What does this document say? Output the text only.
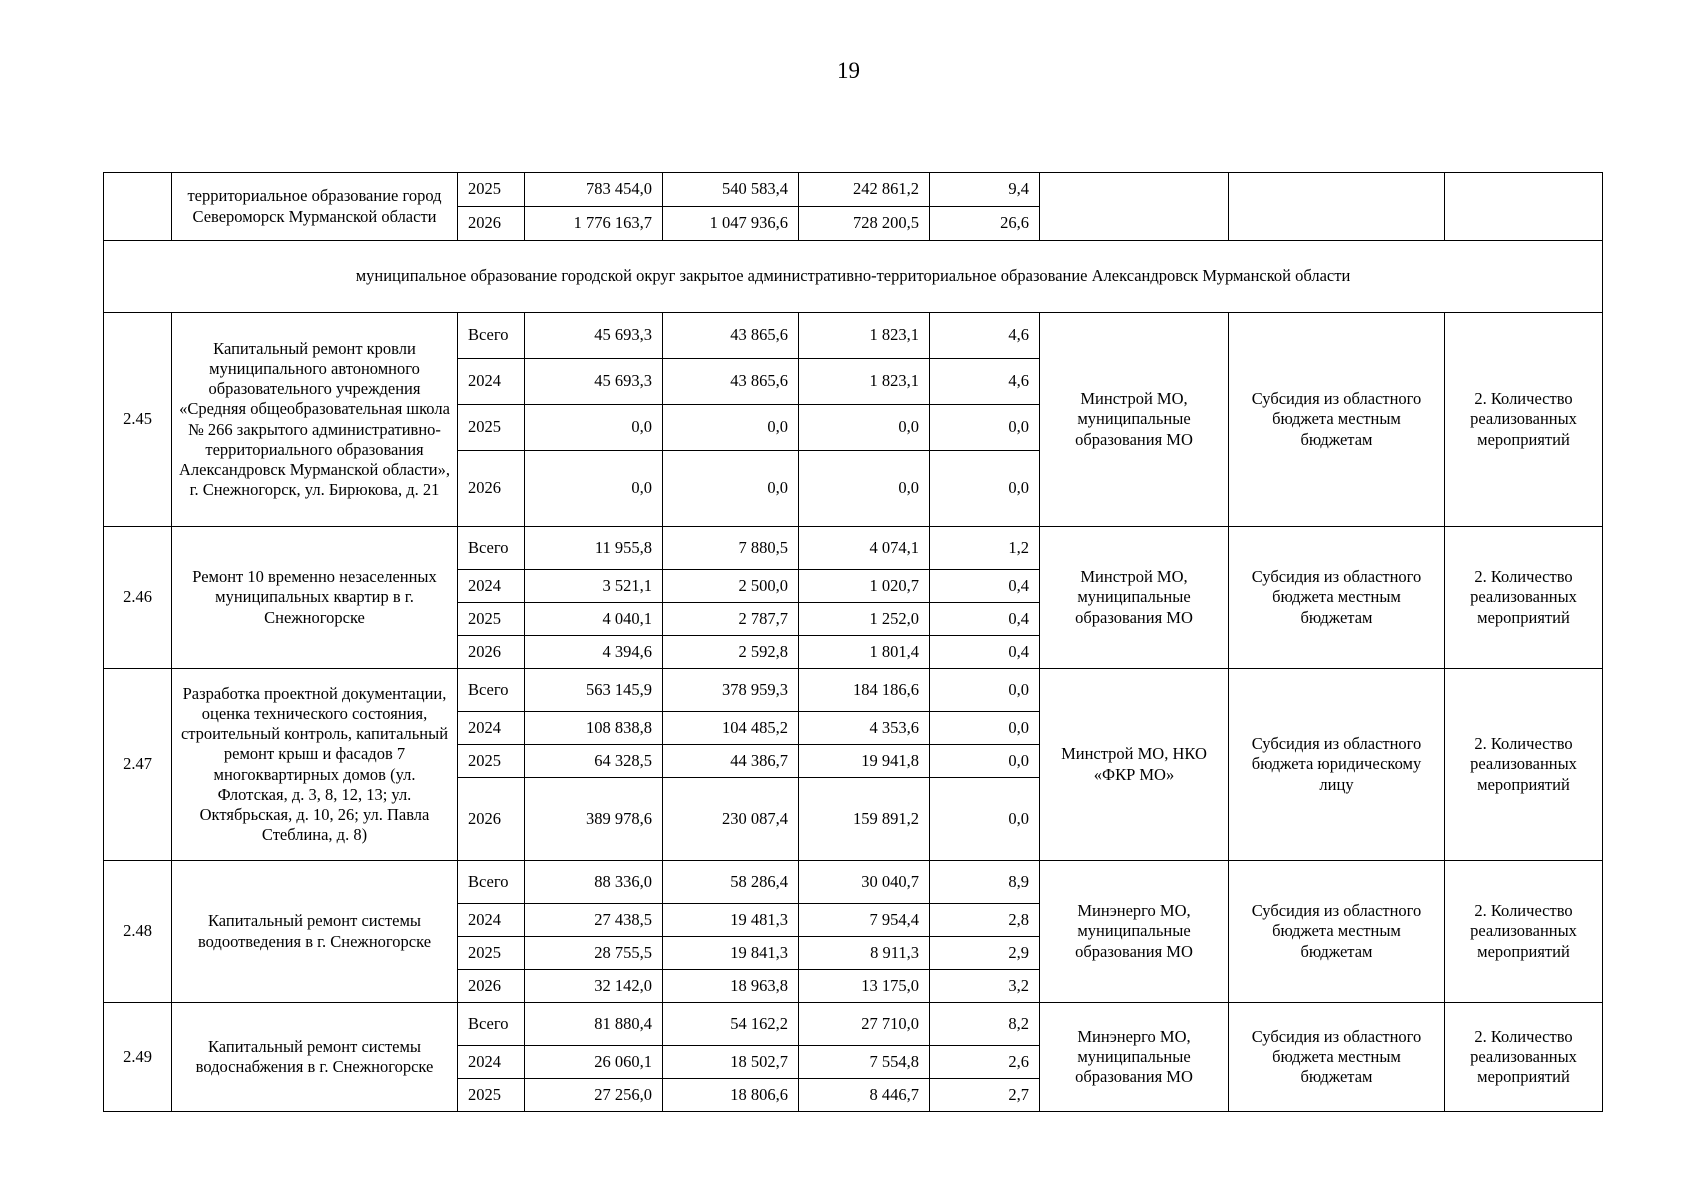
19
	территориальное образование город Североморск Мурманской области	2025	783 454,0	540 583,4	242 861,2	9,4			
		2026	1 776 163,7	1 047 936,6	728 200,5	26,6			
муниципальное образование городской округ закрытое административно-территориальное образование Александровск Мурманской области									
2.45	Капитальный ремонт кровли муниципального автономного образовательного учреждения «Средняя общеобразовательная школа № 266 закрытого административно-территориального образования Александровск Мурманской области», г. Снежногорск, ул. Бирюкова, д. 21	Всего	45 693,3	43 865,6	1 823,1	4,6	Минстрой МО, муниципальные образования МО	Субсидия из областного бюджета местным бюджетам	2. Количество реализованных мероприятий
		2024	45 693,3	43 865,6	1 823,1	4,6			
		2025	0,0	0,0	0,0	0,0			
		2026	0,0	0,0	0,0	0,0			
2.46	Ремонт 10 временно незаселенных муниципальных квартир в г. Снежногорске	Всего	11 955,8	7 880,5	4 074,1	1,2	Минстрой МО, муниципальные образования МО	Субсидия из областного бюджета местным бюджетам	2. Количество реализованных мероприятий
		2024	3 521,1	2 500,0	1 020,7	0,4			
		2025	4 040,1	2 787,7	1 252,0	0,4			
		2026	4 394,6	2 592,8	1 801,4	0,4			
2.47	Разработка проектной документации, оценка технического состояния, строительный контроль, капитальный ремонт крыш и фасадов 7 многоквартирных домов (ул. Флотская, д. 3, 8, 12, 13; ул. Октябрьская, д. 10, 26; ул. Павла Стеблина, д. 8)	Всего	563 145,9	378 959,3	184 186,6	0,0	Минстрой МО, НКО «ФКР МО»	Субсидия из областного бюджета юридическому лицу	2. Количество реализованных мероприятий
		2024	108 838,8	104 485,2	4 353,6	0,0			
		2025	64 328,5	44 386,7	19 941,8	0,0			
		2026	389 978,6	230 087,4	159 891,2	0,0			
2.48	Капитальный ремонт системы водоотведения в г. Снежногорске	Всего	88 336,0	58 286,4	30 040,7	8,9	Минэнерго МО, муниципальные образования МО	Субсидия из областного бюджета местным бюджетам	2. Количество реализованных мероприятий
		2024	27 438,5	19 481,3	7 954,4	2,8			
		2025	28 755,5	19 841,3	8 911,3	2,9			
		2026	32 142,0	18 963,8	13 175,0	3,2			
2.49	Капитальный ремонт системы водоснабжения в г. Снежногорске	Всего	81 880,4	54 162,2	27 710,0	8,2	Минэнерго МО, муниципальные образования МО	Субсидия из областного бюджета местным бюджетам	2. Количество реализованных мероприятий
		2024	26 060,1	18 502,7	7 554,8	2,6			
		2025	27 256,0	18 806,6	8 446,7	2,7			
